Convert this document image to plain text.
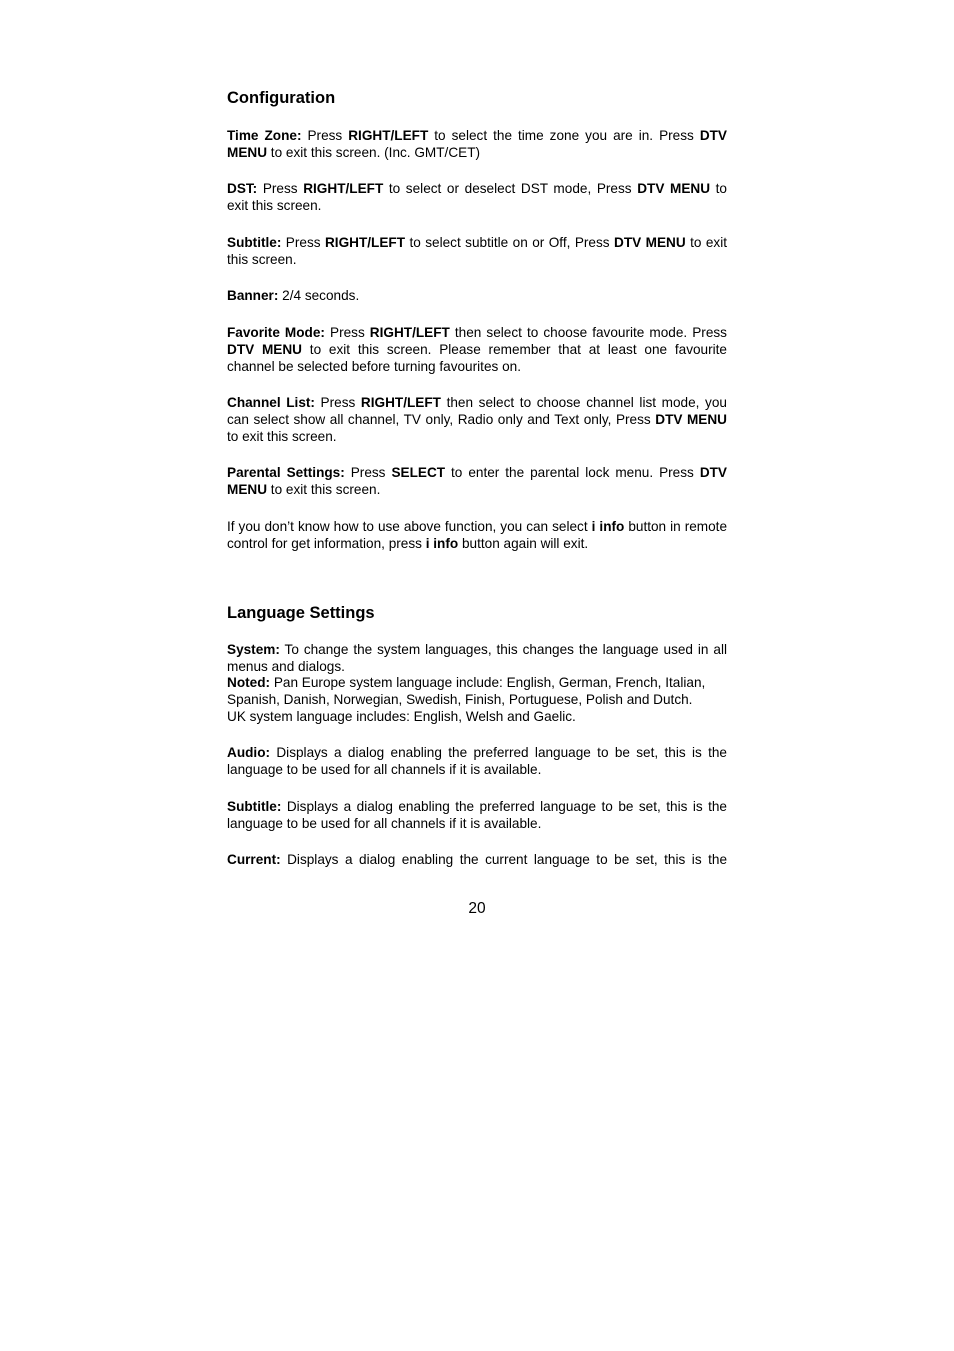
Configuration

Time Zone: Press RIGHT/LEFT to select the time zone you are in. Press DTV MENU to exit this screen. (Inc. GMT/CET)

DST: Press RIGHT/LEFT to select or deselect DST mode, Press DTV MENU to exit this screen.

Subtitle: Press RIGHT/LEFT to select subtitle on or Off, Press DTV MENU to exit this screen.

Banner: 2/4 seconds.

Favorite Mode: Press RIGHT/LEFT then select to choose favourite mode. Press DTV MENU to exit this screen. Please remember that at least one favourite channel be selected before turning favourites on.

Channel List: Press RIGHT/LEFT then select to choose channel list mode, you can select show all channel, TV only, Radio only and Text only, Press DTV MENU to exit this screen.

Parental Settings: Press SELECT to enter the parental lock menu. Press DTV MENU to exit this screen.

If you don’t know how to use above function, you can select i info button in remote control for get information, press i info button again will exit.

Language Settings

System: To change the system languages, this changes the language used in all menus and dialogs.

Noted: Pan Europe system language include: English, German, French, Italian,
Spanish, Danish, Norwegian, Swedish, Finish, Portuguese, Polish and Dutch.
UK system language includes: English, Welsh and Gaelic.

Audio: Displays a dialog enabling the preferred language to be set, this is the language to be used for all channels if it is available.

Subtitle: Displays a dialog enabling the preferred language to be set, this is the language to be used for all channels if it is available.

Current: Displays a dialog enabling the current language to be set, this is the

20
